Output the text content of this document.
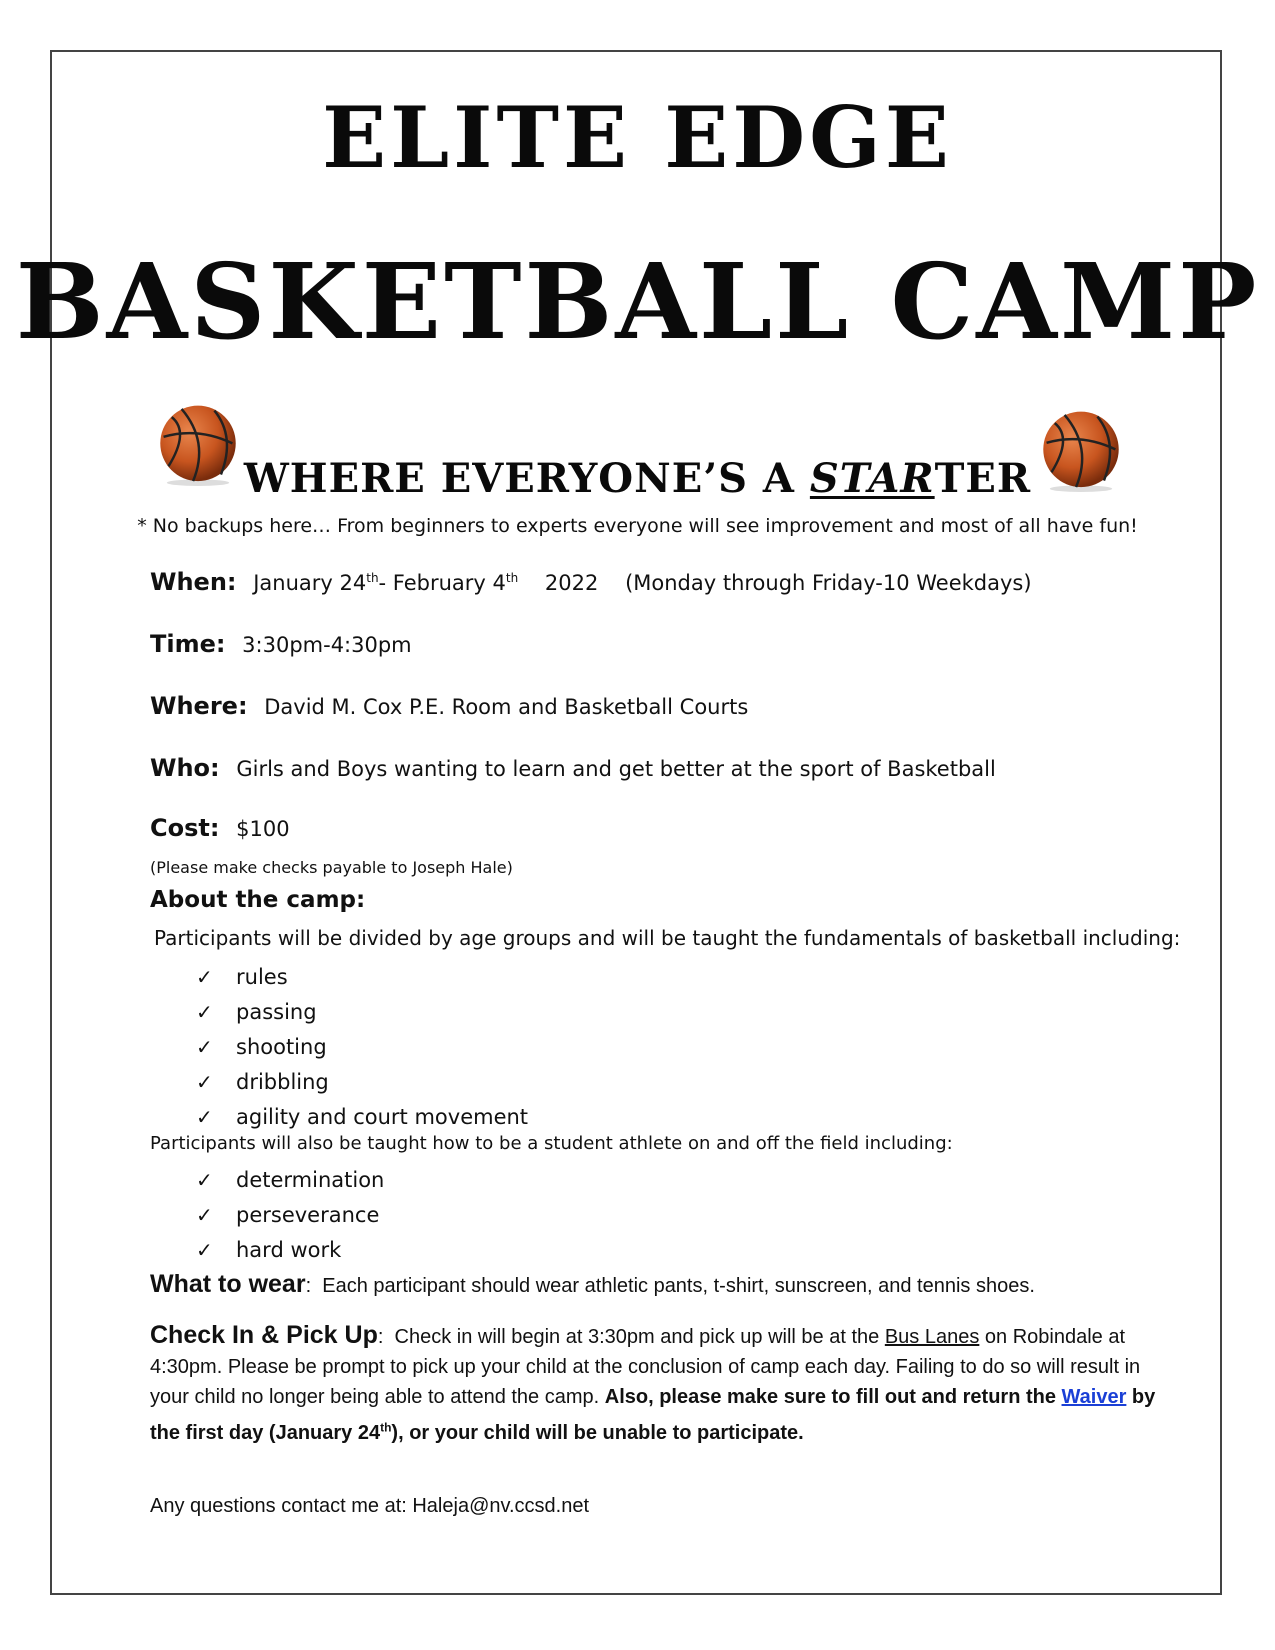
ELITE EDGE
BASKETBALL CAMP
WHERE EVERYONE’S A STARTER
* No backups here… From beginners to experts everyone will see improvement and most of all have fun!
When: January 24th- February 4th 2022 (Monday through Friday-10 Weekdays)
Time: 3:30pm-4:30pm
Where: David M. Cox P.E. Room and Basketball Courts
Who: Girls and Boys wanting to learn and get better at the sport of Basketball
Cost: $100
(Please make checks payable to Joseph Hale)
About the camp:
Participants will be divided by age groups and will be taught the fundamentals of basketball including:
✓	rules
✓	passing
✓	shooting
✓	dribbling
✓	agility and court movement
Participants will also be taught how to be a student athlete on and off the field including:
✓	determination
✓	perseverance
✓	hard work
What to wear: Each participant should wear athletic pants, t-shirt, sunscreen, and tennis shoes.
Check In & Pick Up: Check in will begin at 3:30pm and pick up will be at the Bus Lanes on Robindale at 4:30pm. Please be prompt to pick up your child at the conclusion of camp each day. Failing to do so will result in your child no longer being able to attend the camp. Also, please make sure to fill out and return the Waiver by the first day (January 24th), or your child will be unable to participate.
Any questions contact me at: Haleja@nv.ccsd.net
